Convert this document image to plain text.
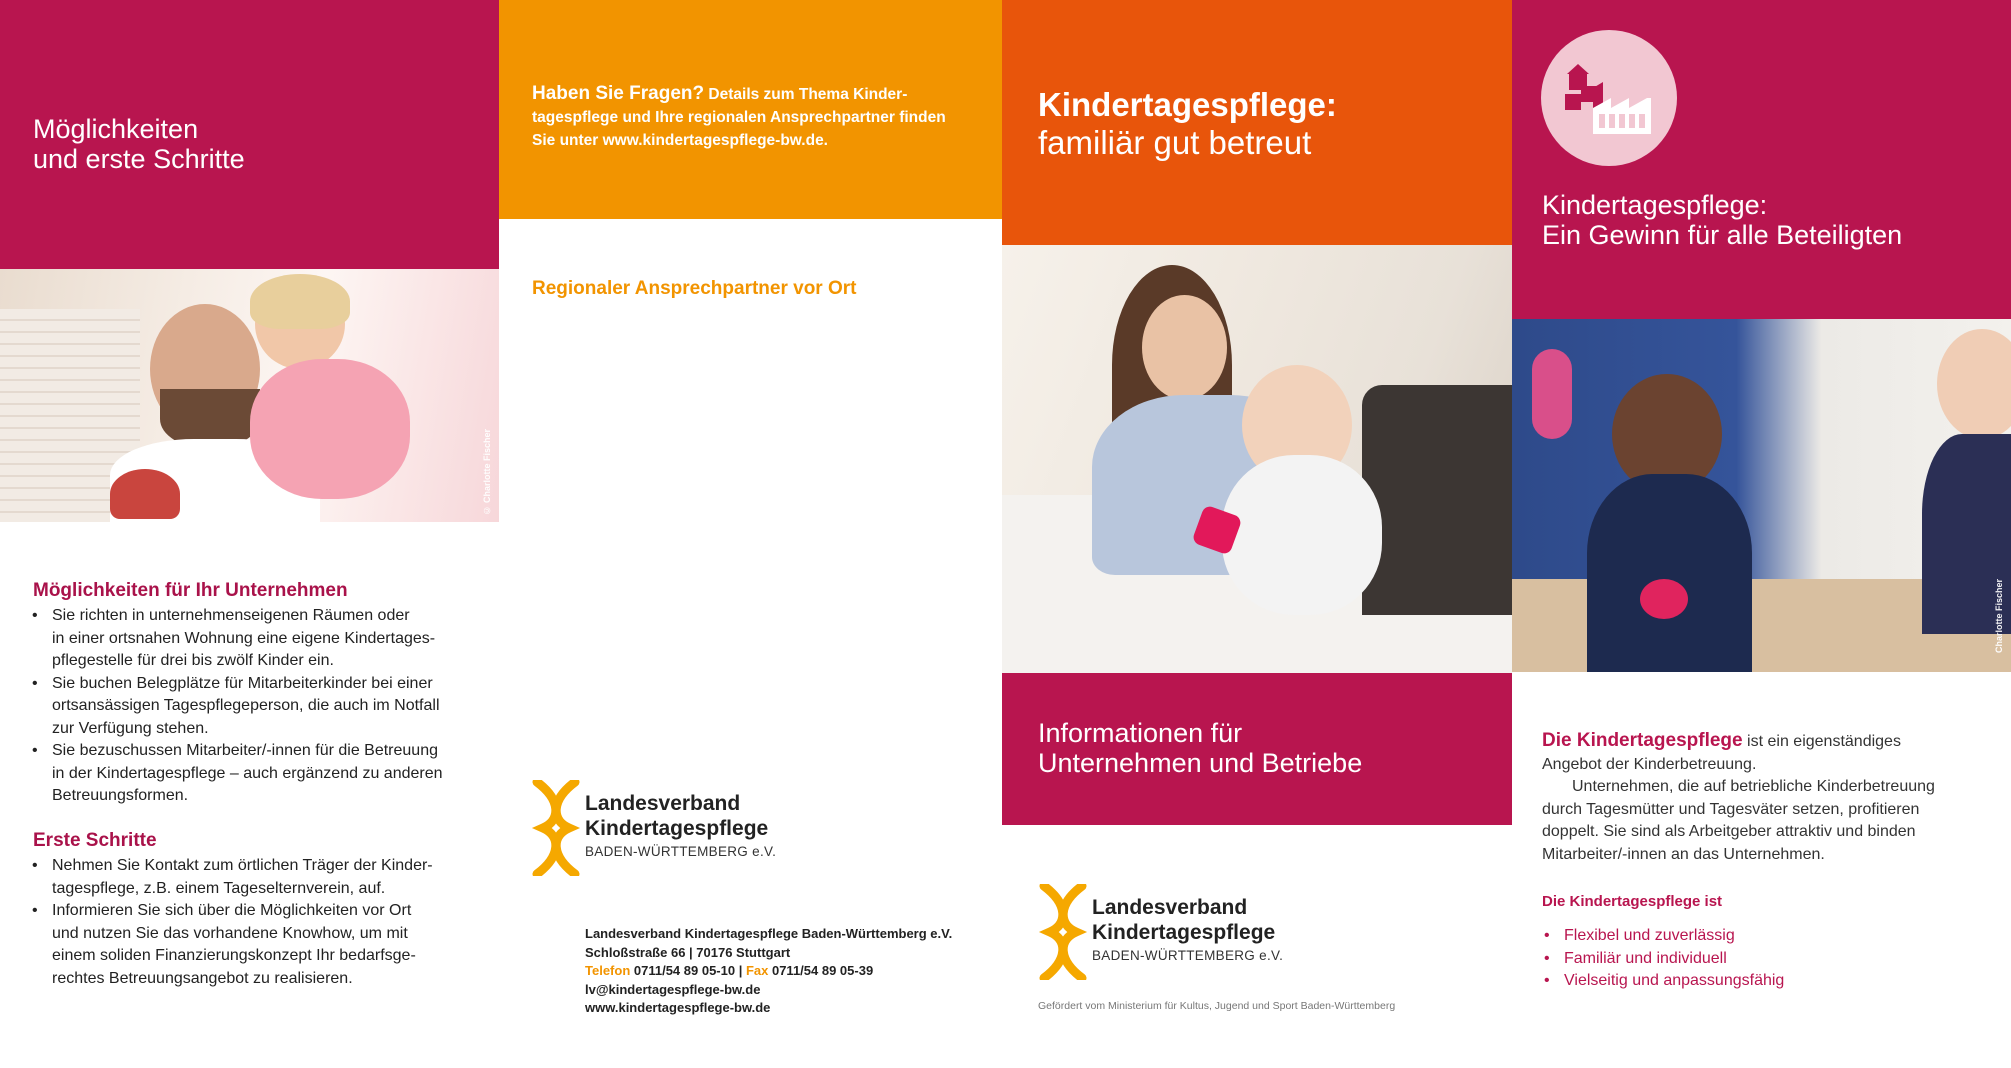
Möglichkeiten
und erste Schritte
© Charlotte Fischer
Möglichkeiten für Ihr Unternehmen
• Sie richten in unternehmenseigenen Räumen oder
in einer ortsnahen Wohnung eine eigene Kindertages-
pflegestelle für drei bis zwölf Kinder ein.
• Sie buchen Belegplätze für Mitarbeiterkinder bei einer
ortsansässigen Tagespflegeperson, die auch im Notfall
zur Verfügung stehen.
• Sie bezuschussen Mitarbeiter/-innen für die Betreuung
in der Kindertagespflege – auch ergänzend zu anderen
Betreuungsformen.
Erste Schritte
• Nehmen Sie Kontakt zum örtlichen Träger der Kinder-
tagespflege, z.B. einem Tageselternverein, auf.
• Informieren Sie sich über die Möglichkeiten vor Ort
und nutzen Sie das vorhandene Knowhow, um mit
einem soliden Finanzierungskonzept Ihr bedarfsge-
rechtes Betreuungsangebot zu realisieren.
Haben Sie Fragen? Details zum Thema Kinder-
tagespflege und Ihre regionalen Ansprechpartner finden
Sie unter www.kindertagespflege-bw.de.
Regionaler Ansprechpartner vor Ort
Landesverband
Kindertagespflege
BADEN-WÜRTTEMBERG e.V.
Landesverband Kindertagespflege Baden-Württemberg e.V.
Schloßstraße 66 | 70176 Stuttgart
Telefon 0711/54 89 05-10 | Fax 0711/54 89 05-39
lv@kindertagespflege-bw.de
www.kindertagespflege-bw.de
Kindertagespflege:
familiär gut betreut
Informationen für
Unternehmen und Betriebe
Landesverband
Kindertagespflege
BADEN-WÜRTTEMBERG e.V.
Gefördert vom Ministerium für Kultus, Jugend und Sport Baden-Württemberg
Kindertagespflege:
Ein Gewinn für alle Beteiligten
Charlotte Fischer
Die Kindertagespflege ist ein eigenständiges
Angebot der Kinderbetreuung.
Unternehmen, die auf betriebliche Kinderbetreuung
durch Tagesmütter und Tagesväter setzen, profitieren
doppelt. Sie sind als Arbeitgeber attraktiv und binden
Mitarbeiter/-innen an das Unternehmen.
Die Kindertagespflege ist
• Flexibel und zuverlässig
• Familiär und individuell
• Vielseitig und anpassungsfähig
